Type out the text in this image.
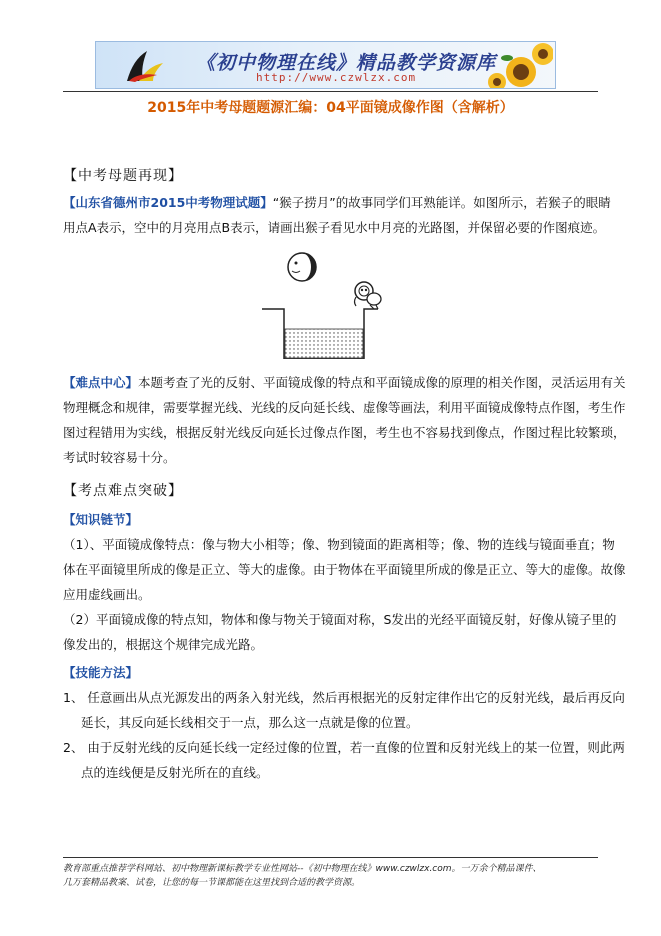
《初中物理在线》精品教学资源库
http://www.czwlzx.com
2015年中考母题题源汇编：04平面镜成像作图（含解析）
【中考母题再现】
【山东省德州市2015中考物理试题】“猴子捞月”的故事同学们耳熟能详。如图所示，若猴子的眼睛
用点A表示，空中的月亮用点B表示，请画出猴子看见水中月亮的光路图，并保留必要的作图痕迹。
【难点中心】本题考查了光的反射、平面镜成像的特点和平面镜成像的原理的相关作图，灵活运用有关
物理概念和规律，需要掌握光线、光线的反向延长线、虚像等画法，利用平面镜成像特点作图，考生作
图过程错用为实线，根据反射光线反向延长过像点作图，考生也不容易找到像点，作图过程比较繁琐，
考试时较容易十分。
【考点难点突破】
【知识链节】
（1）、平面镜成像特点：像与物大小相等；像、物到镜面的距离相等；像、物的连线与镜面垂直；物
体在平面镜里所成的像是正立、等大的虚像。由于物体在平面镜里所成的像是正立、等大的虚像。故像
应用虚线画出。
（2）平面镜成像的特点知，物体和像与物关于镜面对称，S发出的光经平面镜反射，好像从镜子里的
像发出的，根据这个规律完成光路。
【技能方法】
1、 任意画出从点光源发出的两条入射光线，然后再根据光的反射定律作出它的反射光线，最后再反向
延长，其反向延长线相交于一点，那么这一点就是像的位置。
2、 由于反射光线的反向延长线一定经过像的位置，若一直像的位置和反射光线上的某一位置，则此两
点的连线便是反射光所在的直线。
教育部重点推荐学科网站、初中物理新课标教学专业性网站--《初中物理在线》www.czwlzx.com。一万余个精品课件、
几万套精品教案、试卷，让您的每一节课都能在这里找到合适的教学资源。
